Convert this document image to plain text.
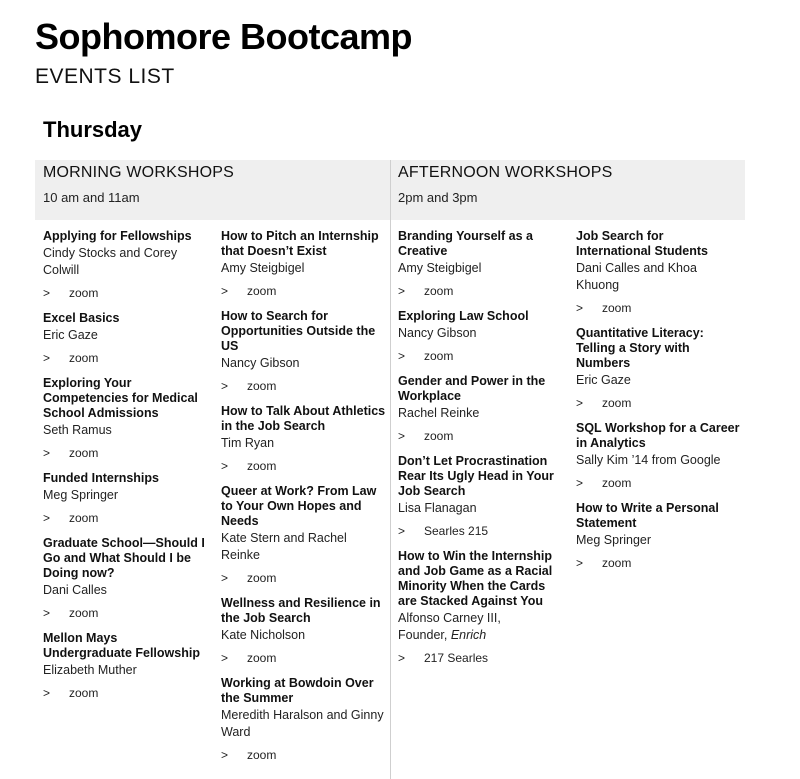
Sophomore Bootcamp
EVENTS LIST
Thursday
MORNING WORKSHOPS
10 am and 11am
AFTERNOON WORKSHOPS
2pm and 3pm
Applying for Fellowships
Cindy Stocks and Corey Colwill
> zoom
Excel Basics
Eric Gaze
> zoom
Exploring Your Competencies for Medical School Admissions
Seth Ramus
> zoom
Funded Internships
Meg Springer
> zoom
Graduate School—Should I Go and What Should I be Doing now?
Dani Calles
> zoom
Mellon Mays Undergraduate Fellowship
Elizabeth Muther
> zoom
How to Pitch an Internship that Doesn’t Exist
Amy Steigbigel
> zoom
How to Search for Opportunities Outside the US
Nancy Gibson
> zoom
How to Talk About Athletics in the Job Search
Tim Ryan
> zoom
Queer at Work? From Law to Your Own Hopes and Needs
Kate Stern and Rachel Reinke
> zoom
Wellness and Resilience in the Job Search
Kate Nicholson
> zoom
Working at Bowdoin Over the Summer
Meredith Haralson and Ginny Ward
> zoom
Branding Yourself as a Creative
Amy Steigbigel
> zoom
Exploring Law School
Nancy Gibson
> zoom
Gender and Power in the Workplace
Rachel Reinke
> zoom
Don’t Let Procrastination Rear Its Ugly Head in Your Job Search
Lisa Flanagan
> Searles 215
How to Win the Internship and Job Game as a Racial Minority When the Cards are Stacked Against You
Alfonso Carney III,
Founder, Enrich
> 217 Searles
Job Search for International Students
Dani Calles and Khoa Khuong
> zoom
Quantitative Literacy: Telling a Story with Numbers
Eric Gaze
> zoom
SQL Workshop for a Career in Analytics
Sally Kim ’14 from Google
> zoom
How to Write a Personal Statement
Meg Springer
> zoom
